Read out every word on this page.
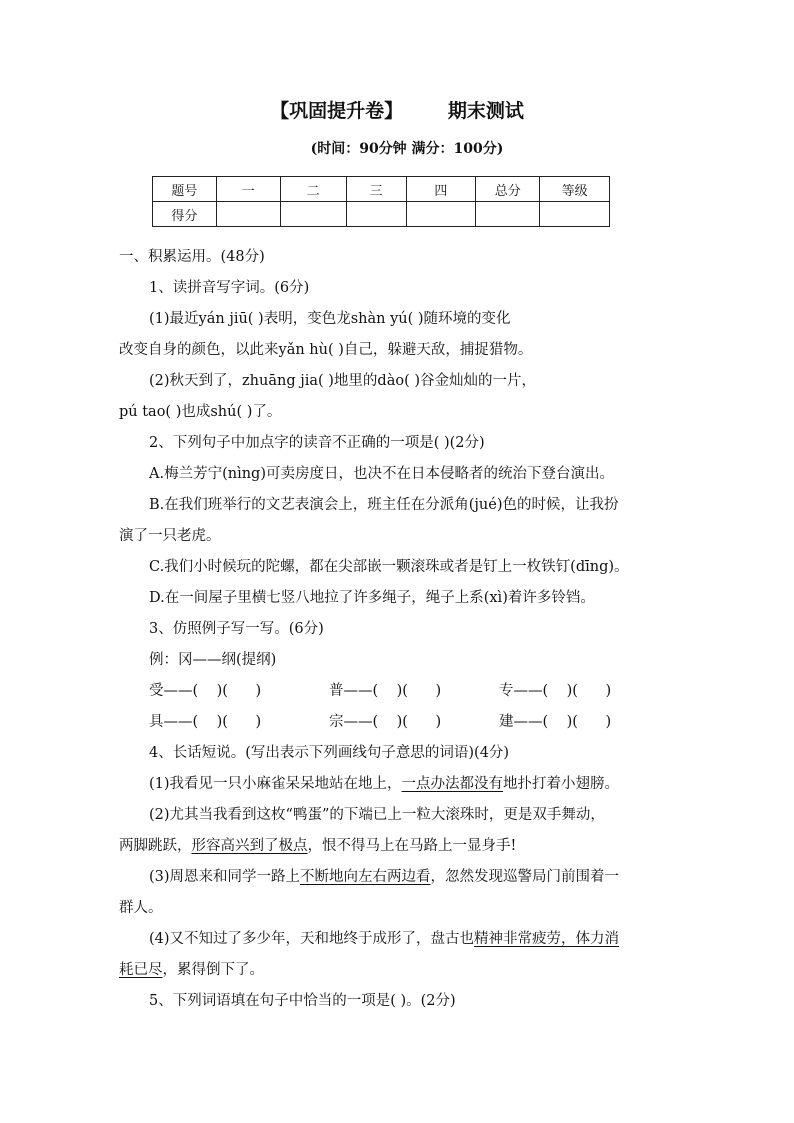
【巩固提升卷】 期末测试
(时间：90分钟 满分：100分)
题号	一	二	三	四	总分	等级
得分						
一、积累运用。(48分)
1、读拼音写字词。(6分)
(1)最近yán jiū( )表明，变色龙shàn yú( )随环境的变化
改变自身的颜色，以此来yǎn hù( )自己，躲避天敌，捕捉猎物。
(2)秋天到了，zhuāng jia( )地里的dào( )谷金灿灿的一片，
pú tao( )也成shú( )了。
2、下列句子中加点字的读音不正确的一项是( )(2分)
A.梅兰芳宁(nìng)可卖房度日，也决不在日本侵略者的统治下登台演出。
B.在我们班举行的文艺表演会上，班主任在分派角(jué)色的时候，让我扮
演了一只老虎。
C.我们小时候玩的陀螺，都在尖部嵌一颗滚珠或者是钉上一枚铁钉(dīng)。
D.在一间屋子里横七竖八地拉了许多绳子，绳子上系(xì)着许多铃铛。
3、仿照例子写一写。(6分)
例：冈——纲(提纲)
受——(    )(      )	普——(    )(      )	专——(    )(      )
具——(    )(      )	宗——(    )(      )	建——(    )(      )
4、长话短说。(写出表示下列画线句子意思的词语)(4分)
(1)我看见一只小麻雀呆呆地站在地上，一点办法都没有地扑打着小翅膀。
(2)尤其当我看到这枚“鸭蛋”的下端已上一粒大滚珠时，更是双手舞动，
两脚跳跃，形容高兴到了极点，恨不得马上在马路上一显身手!
(3)周恩来和同学一路上不断地向左右两边看，忽然发现巡警局门前围着一
群人。
(4)又不知过了多少年，天和地终于成形了，盘古也精神非常疲劳，体力消
耗已尽，累得倒下了。
5、下列词语填在句子中恰当的一项是( )。(2分)
